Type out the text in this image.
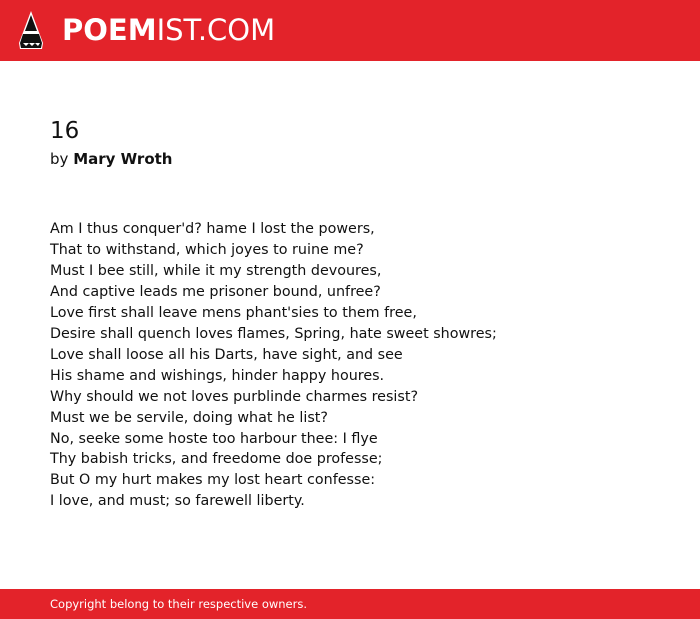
POEMIST.COM
16
by Mary Wroth
Am I thus conquer'd? hame I lost the powers,
That to withstand, which joyes to ruine me?
Must I bee still, while it my strength devoures,
And captive leads me prisoner bound, unfree?
Love first shall leave mens phant'sies to them free,
Desire shall quench loves flames, Spring, hate sweet showres;
Love shall loose all his Darts, have sight, and see
His shame and wishings, hinder happy houres.
Why should we not loves purblinde charmes resist?
Must we be servile, doing what he list?
No, seeke some hoste too harbour thee: I flye
Thy babish tricks, and freedome doe professe;
But O my hurt makes my lost heart confesse:
I love, and must; so farewell liberty.
Copyright belong to their respective owners.
